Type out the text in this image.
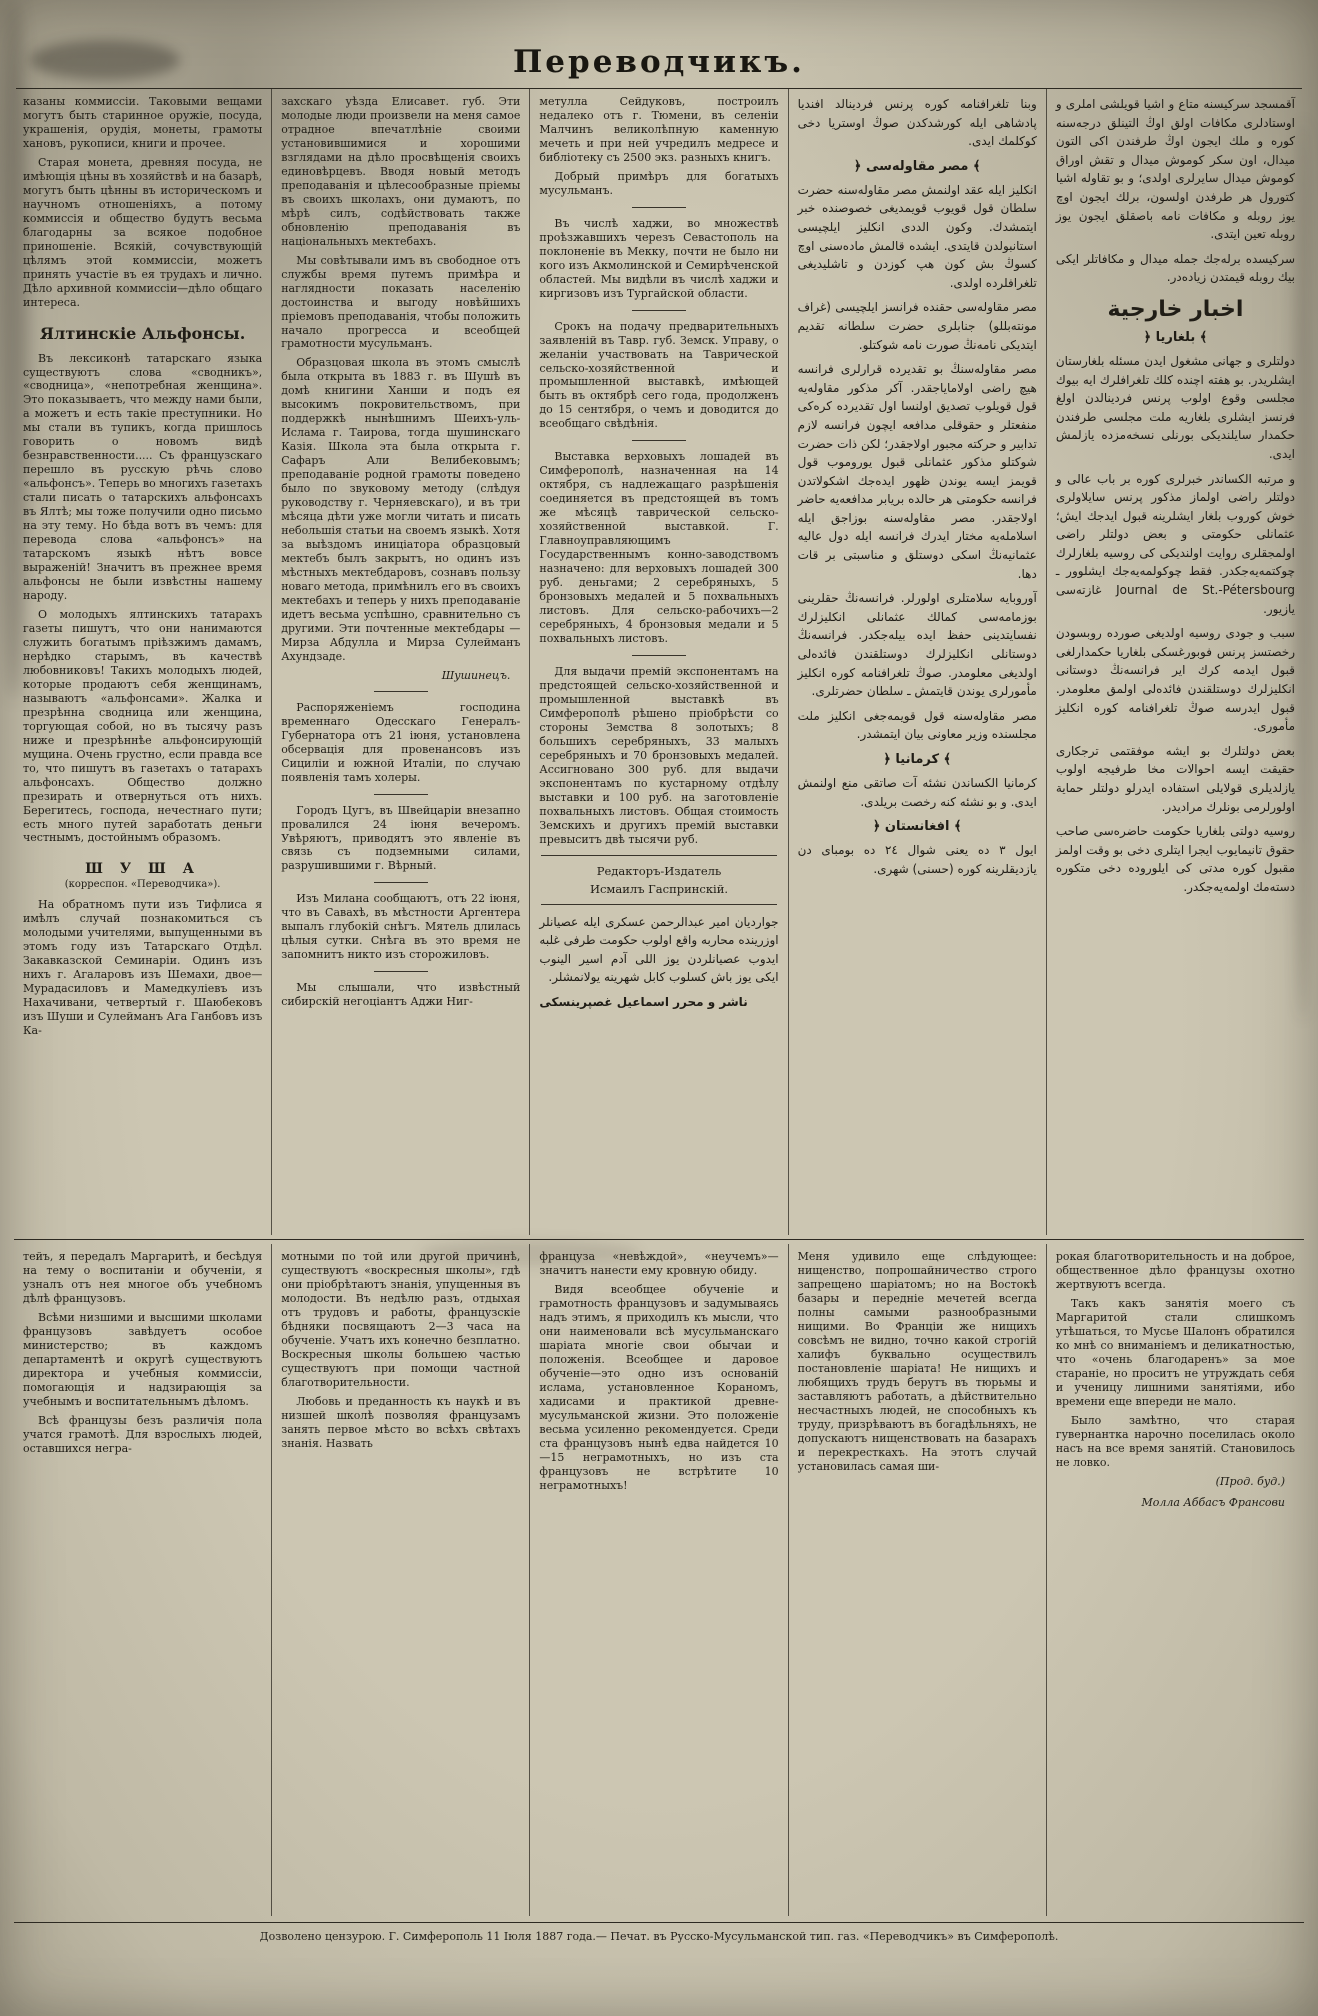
Переводчикъ.
казаны коммиссіи. Таковыми вещами могутъ быть старинное оружіе, посуда, украшенія, орудія, монеты, грамоты хановъ, рукописи, книги и прочее.
Старая монета, древняя посуда, не имѣющія цѣны въ хозяйствѣ и на базарѣ, могутъ быть цѣнны въ историческомъ и научномъ отношеніяхъ, а потому коммиссія и общество будутъ весьма благодарны за всякое подобное приношеніе. Всякій, сочувствующій цѣлямъ этой коммиссіи, можетъ принять участіе въ ея трудахъ и лично. Дѣло архивной коммиссіи—дѣло общаго интереса.
Ялтинскіе Альфонсы.
Въ лексиконѣ татарскаго языка существуютъ слова «сводникъ», «сводница», «непотребная женщина». Это показываетъ, что между нами были, а можетъ и есть такіе преступники. Но мы стали въ тупикъ, когда пришлось говорить о новомъ видѣ безнравственности..... Съ французскаго перешло въ русскую рѣчь слово «альфонсъ». Теперь во многихъ газетахъ стали писать о татарскихъ альфонсахъ въ Ялтѣ; мы тоже получили одно письмо на эту тему. Но бѣда вотъ въ чемъ: для перевода слова «альфонсъ» на татарскомъ языкѣ нѣтъ вовсе выраженій! Значитъ въ прежнее время альфонсы не были извѣстны нашему народу.
О молодыхъ ялтинскихъ татарахъ газеты пишутъ, что они нанимаются служить богатымъ пріѣзжимъ дамамъ, нерѣдко старымъ, въ качествѣ любовниковъ! Такихъ молодыхъ людей, которые продаютъ себя женщинамъ, называютъ «альфонсами». Жалка и презрѣнна сводница или женщина, торгующая собой, но въ тысячу разъ ниже и презрѣннѣе альфонсирующій мущина. Очень грустно, если правда все то, что пишутъ въ газетахъ о татарахъ альфонсахъ. Общество должно презирать и отвернуться отъ нихъ. Берегитесь, господа, нечестнаго пути; есть много путей заработать деньги честнымъ, достойнымъ образомъ.
Ш У Ш А
(корреспон. «Переводчика»).
На обратномъ пути изъ Тифлиса я имѣлъ случай познакомиться съ молодыми учителями, выпущенными въ этомъ году изъ Татарскаго Отдѣл. Закавказской Семинаріи. Одинъ изъ нихъ г. Агаларовъ изъ Шемахи, двое—Мурадасиловъ и Мамедкуліевъ изъ Нахачивани, четвертый г. Шаюбековъ изъ Шуши и Сулейманъ Ага Ганбовъ изъ Ка-
захскаго уѣзда Елисавет. губ. Эти молодые люди произвели на меня самое отрадное впечатлѣніе своими установившимися и хорошими взглядами на дѣло просвѣщенія своихъ единовѣрцевъ. Вводя новый методъ преподаванія и цѣлесообразные пріемы въ своихъ школахъ, они думаютъ, по мѣрѣ силъ, содѣйствовать также обновленію преподаванія въ національныхъ мектебахъ.
Мы совѣтывали имъ въ свободное отъ службы время путемъ примѣра и наглядности показать населенію достоинства и выгоду новѣйшихъ пріемовъ преподаванія, чтобы положить начало прогресса и всеобщей грамотности мусульманъ.
Образцовая школа въ этомъ смыслѣ была открыта въ 1883 г. въ Шушѣ въ домѣ книгини Ханши и подъ ея высокимъ покровительствомъ, при поддержкѣ нынѣшнимъ Шеихъ-уль-Ислама г. Таирова, тогда шушинскаго Казія. Школа эта была открыта г. Сафаръ Али Велибековымъ; преподаваніе родной грамоты поведено было по звуковому методу (слѣдуя руководству г. Черняевскаго), и въ три мѣсяца дѣти уже могли читать и писать небольшія статьи на своемъ языкѣ. Хотя за выѣздомъ иниціатора образцовый мектебъ былъ закрытъ, но одинъ изъ мѣстныхъ мектебдаровъ, сознавъ пользу новаго метода, примѣнилъ его въ своихъ мектебахъ и теперь у нихъ преподаваніе идетъ весьма успѣшно, сравнительно съ другими. Эти почтенные мектебдары —Мирза Абдулла и Мирза Сулейманъ Ахундзаде.
Шушинецъ.
Распоряженіемъ господина временнаго Одесскаго Генералъ-Губернатора отъ 21 іюня, установлена обсервація для провенансовъ изъ Сициліи и южной Италіи, по случаю появленія тамъ холеры.
Городъ Цугъ, въ Швейцаріи внезапно провалился 24 іюня вечеромъ. Увѣряютъ, приводятъ это явленіе въ связь съ подземными силами, разрушившими г. Вѣрный.
Изъ Милана сообщаютъ, отъ 22 іюня, что въ Савахѣ, въ мѣстности Аргентера выпалъ глубокій снѣгъ. Мятель длилась цѣлыя сутки. Снѣга въ это время не запомнитъ никто изъ сторожиловъ.
Мы слышали, что извѣстный сибирскій негоціантъ Аджи Ниг-
метулла Сейдуковъ, построилъ недалеко отъ г. Тюмени, въ селеніи Малчинъ великолѣпную каменную мечеть и при ней учредилъ медресе и библіотеку съ 2500 экз. разныхъ книгъ.
Добрый примѣръ для богатыхъ мусульманъ.
Въ числѣ хаджи, во множествѣ проѣзжавшихъ черезъ Севастополь на поклоненіе въ Мекку, почти не было ни кого изъ Акмолинской и Семирѣченской областей. Мы видѣли въ числѣ хаджи и киргизовъ изъ Тургайской области.
Срокъ на подачу предварительныхъ заявленій въ Тавр. губ. Земск. Управу, о желаніи участвовать на Таврической сельско-хозяйственной и промышленной выставкѣ, имѣющей быть въ октябрѣ сего года, продолженъ до 15 сентября, о чемъ и доводится до всеобщаго свѣдѣнія.
Выставка верховыхъ лошадей въ Симферополѣ, назначенная на 14 октября, съ надлежащаго разрѣшенія соединяется въ предстоящей въ томъ же мѣсяцѣ таврической сельско-хозяйственной выставкой. Г. Главноуправляющимъ Государственнымъ конно-заводствомъ назначено: для верховыхъ лошадей 300 руб. деньгами; 2 серебряныхъ, 5 бронзовыхъ медалей и 5 похвальныхъ листовъ. Для сельско-рабочихъ—2 серебряныхъ, 4 бронзовыя медали и 5 похвальныхъ листовъ.
Для выдачи премій экспонентамъ на предстоящей сельско-хозяйственной и промышленной выставкѣ въ Симферополѣ рѣшено пріобрѣсти со стороны Земства 8 золотыхъ; 8 большихъ серебряныхъ, 33 малыхъ серебряныхъ и 70 бронзовыхъ медалей. Ассигновано 300 руб. для выдачи экспонентамъ по кустарному отдѣлу выставки и 100 руб. на заготовленіе похвальныхъ листовъ. Общая стоимость Земскихъ и другихъ премій выставки превыситъ двѣ тысячи руб.
Редакторъ-Издатель
Исмаилъ Гаспринскій.
جوارديان امير عبدالرحمن عسكرى ايله عصيانلر اوزرينده محاربه واقع اولوب حكومت طرفى غلبه ايدوب عصيانلردن يوز اللى آدم اسير الينوب ايكى يوز باش كسلوب كابل شهرينه يولانمشلر.
ناشر و محرر اسماعيل غصپرينسكى
وبنا تلغرافنامه كوره پرنس فردينالد افنديا پادشاهى ايله كورشدكدن صوڭ اوستريا دخى كوكلمك ايدى.
﴾ مصر مقاوله‌سى ﴿
انكليز ايله عقد اولنمش مصر مقاوله‌سنه حضرت سلطان قول قويوب قويمديغى خصوصنده خبر ايتمشدك. وكون الددى انكليز ايلچيسى استانبولدن قايتدى. ايشده قالمش ماده‌سنى اوچ كسوڭ بش كون هپ كوزدن و تاشليديغى تلغرافلرده اولدى.
مصر مقاوله‌سى حقنده فرانسز ايلچيسى (غراف مونته‌بللو) جنابلرى حضرت سلطانه تقديم ايتديكى نامه‌نڭ صورت نامه شوكتلو.
مصر مقاوله‌سنڭ بو تقديرده قرارلرى فرانسه هيچ راضى اولاماياجقدر. آكر مذكور مقاوله‌يه قول قويلوب تصديق اولنسا اول تقديرده كره‌كى منفعتلر و حقوقلى مدافعه ايچون فرانسه لازم تدابير و حركته مجبور اولاجقدر؛ لكن ذات حضرت شوكتلو مذكور عثمانلى قبول يوروموب قول قويمز ايسه يوندن ظهور ايده‌جك اشكولاتدن فرانسه حكومتى هر حالده بريابر مدافعه‌يه حاضر اولاجقدر. مصر مقاوله‌سنه بوزاجق ايله اسلامله‌يه مختار ايدرك فرانسه ايله دول عاليه عثمانيه‌نڭ اسكى دوستلق و مناسبتى بر قات دها.
آوروبايه سلامتلرى اولورلر. فرانسه‌نڭ حقلرينى بوزمامه‌سى كمالك عثمانلى انكليزلرك نفسايتدينى حفظ ايده بيله‌جكدر. فرانسه‌نڭ دوستانلى انكليزلرك دوستلقندن فائده‌لى اولديغى معلومدر. صوڭ تلغرافنامه كوره انكليز مأمورلرى يوندن قايتمش ـ سلطان حضرتلرى.
مصر مقاوله‌سنه قول قويمه‌جغى انكليز ملت مجلسنده وزير معاونى بيان ايتمشدر.
﴾ كرمانيا ﴿
كرمانيا الكساندن نشئه آت صاتقى منع اولنمش ايدى. و بو نشئه كنه رخصت بريلدى.
﴾ افغانستان ﴿
ايول ٣ ده يعنى شوال ٢٤ ده بومباى دن يازديقلرينه كوره (حسنى) شهرى.
آقمسجد سركيسنه متاع و اشيا قويلشى املرى و اوستادلرى مكافات اولق اوڭ التينلق درجه‌سنه كوره و ملك ايجون اوڭ طرفندن اكى التون ميدال، اون سكر كوموش ميدال و تقش اوراق كوموش ميدال سايرلرى اولدى؛ و بو تقاوله اشيا كتورول هر طرفدن اولسون، برلك ايجون اوچ يوز روبله و مكافات نامه باصقلق ايجون يوز روبله تعين ايتدى.
سركيسده برله‌جك جمله ميدال و مكافاتلر ايكى بيك روبله قيمتدن زياده‌در.
اخبار خارجية
﴾ بلغاريا ﴿
دولتلرى و جهانى مشغول ايدن مسئله بلغارستان ايشلريدر. بو هفته اچنده كلك تلغرافلرك ايه بيوك مجلسى وقوع اولوب پرنس فردينالدن اولغ فرنسز ايشلرى بلغاريه ملت مجلسى طرفندن حكمدار سايلنديكى بورنلى نسخه‌مزده يازلمش ايدى.
و مرتبه الكساندر خبرلرى كوره بر باب عالى و دولتلر راضى اولماز مذكور پرنس سايلاولرى خوش كوروب بلغار ايشلرينه قبول ايدجك ايش؛ عثمانلى حكومتى و بعض دولتلر راضى اولمجقلرى روايت اولنديكى كى روسيه بلغارلرك چوكتمه‌يه‌جكدر. فقط چوكولمه‌يه‌جك ايشلوور ـ Journal de St.-Pétersbourg غازته‌سى يازيور.
سبب و جودى روسيه اولديغى صورده روبسودن رخصتسز پرنس فوبورغسكى بلغاريا حكمدارلغى قبول ايدمه كرك اير فرانسه‌نڭ دوستانى انكليزلرك دوستلقندن فائده‌لى اولمق معلومدر. قبول ايدرسه صوڭ تلغرافنامه كوره انكليز مأمورى.
بعض دولتلرك بو ايشه موفقتمى ترجكارى حقيقت ايسه احوالات مخا طرفيجه اولوب يازلديلرى قولايلى استفاده ايدرلو دولتلر حماية اولورلرمى بونلرك مراديدر.
روسيه دولتى بلغاريا حكومت حاضره‌سى صاحب حقوق تانيمايوب ايجرا ايتلرى دخى بو وقت اولمز مقبول كوره مدتى كى ايلوروده دخى متكوره دسته‌مك اولمه‌يه‌جكدر.
тейъ, я передалъ Маргаритѣ, и бесѣдуя на тему о воспитаніи и обученіи, я узналъ отъ нея многое объ учебномъ дѣлѣ французовъ.
Всѣми низшими и высшими школами французовъ завѣдуетъ особое министерство; въ каждомъ департаментѣ и округѣ существуютъ директора и учебныя коммиссіи, помогающія и надзирающія за учебнымъ и воспитательнымъ дѣломъ.
Всѣ французы безъ различія пола учатся грамотѣ. Для взрослыхъ людей, оставшихся негра-
мотными по той или другой причинѣ, существуютъ «воскресныя школы», гдѣ они пріобрѣтаютъ знанія, упущенныя въ молодости. Въ недѣлю разъ, отдыхая отъ трудовъ и работы, французскіе бѣдняки посвящаютъ 2—3 часа на обученіе. Учатъ ихъ конечно безплатно. Воскресныя школы большею частью существуютъ при помощи частной благотворительности.
Любовь и преданность къ наукѣ и въ низшей школѣ позволяя французамъ занять первое мѣсто во всѣхъ свѣтахъ знанія. Назвать
француза «невѣждой», «неучемъ»—значитъ нанести ему кровную обиду.
Видя всеобщее обученіе и грамотность французовъ и задумываясь надъ этимъ, я приходилъ къ мысли, что они наименовали всѣ мусульманскаго шаріата многіе свои обычаи и положенія. Всеобщее и даровое обученіе—это одно изъ основаній ислама, установленное Кораномъ, хадисами и практикой древне-мусульманской жизни. Это положеніе весьма усиленно рекомендуется. Среди ста французовъ нынѣ едва найдется 10—15 неграмотныхъ, но изъ ста французовъ не встрѣтите 10 неграмотныхъ!
Меня удивило еще слѣдующее: нищенство, попрошайничество строго запрещено шаріатомъ; но на Востокѣ базары и передніе мечетей всегда полны самыми разнообразными нищими. Во Франціи же нищихъ совсѣмъ не видно, точно какой строгій халифъ буквально осуществилъ постановленіе шаріата! Не нищихъ и любящихъ трудъ берутъ въ тюрьмы и заставляютъ работать, а дѣйствительно несчастныхъ людей, не способныхъ къ труду, призрѣваютъ въ богадѣльняхъ, не допускаютъ нищенствовать на базарахъ и перекресткахъ. На этотъ случай установилась самая ши-
рокая благотворительность и на доброе, общественное дѣло французы охотно жертвуютъ всегда.
Такъ какъ занятія моего съ Маргаритой стали слишкомъ утѣшаться, то Мусье Шалонъ обратился ко мнѣ со вниманіемъ и деликатностью, что «очень благодаренъ» за мое стараніе, но проситъ не утруждать себя и ученицу лишними занятіями, ибо времени еще впереди не мало.
Было замѣтно, что старая гувернантка нарочно поселилась около насъ на все время занятій. Становилось не ловко.
(Прод. буд.)
Молла Аббасъ Франсови
Дозволено цензурою. Г. Симферополь 11 Іюля 1887 года.— Печат. въ Русско-Мусульманской тип. газ. «Переводчикъ» въ Симферополѣ.
